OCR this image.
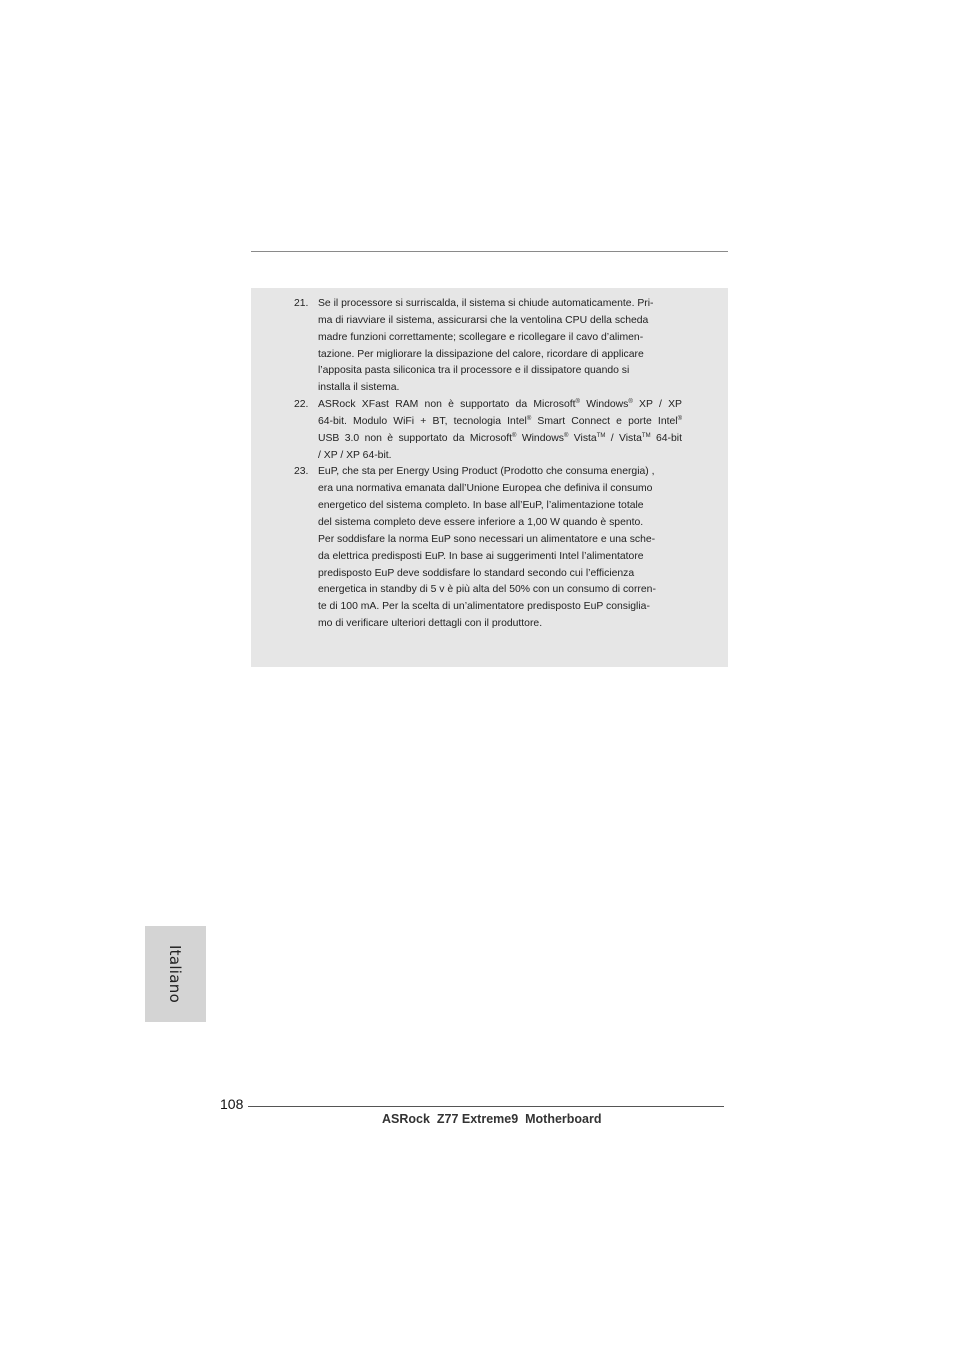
21. Se il processore si surriscalda, il sistema si chiude automaticamente. Pri-
ma di riavviare il sistema, assicurarsi che la ventolina CPU della scheda
madre funzioni correttamente; scollegare e ricollegare il cavo d’alimen-
tazione. Per migliorare la dissipazione del calore, ricordare di applicare
l’apposita pasta siliconica tra il processore e il dissipatore quando si
installa il sistema.
22. ASRock XFast RAM non è supportato da Microsoft® Windows® XP / XP
64-bit. Modulo WiFi + BT, tecnologia Intel® Smart Connect e porte Intel®
USB 3.0 non è supportato da Microsoft® Windows® Vista™ / Vista™ 64-bit
/ XP / XP 64-bit.
23. EuP, che sta per Energy Using Product (Prodotto che consuma energia) ,
era una normativa emanata dall’Unione Europea che definiva il consumo
energetico del sistema completo. In base all’EuP, l’alimentazione totale
del sistema completo deve essere inferiore a 1,00 W quando è spento.
Per soddisfare la norma EuP sono necessari un alimentatore e una sche-
da elettrica predisposti EuP. In base ai suggerimenti Intel l’alimentatore
predisposto EuP deve soddisfare lo standard secondo cui l’efficienza
energetica in standby di 5 v è più alta del 50% con un consumo di corren-
te di 100 mA. Per la scelta di un’alimentatore predisposto EuP consiglia-
mo di verificare ulteriori dettagli con il produttore.
Italiano
108
ASRock  Z77 Extreme9  Motherboard
